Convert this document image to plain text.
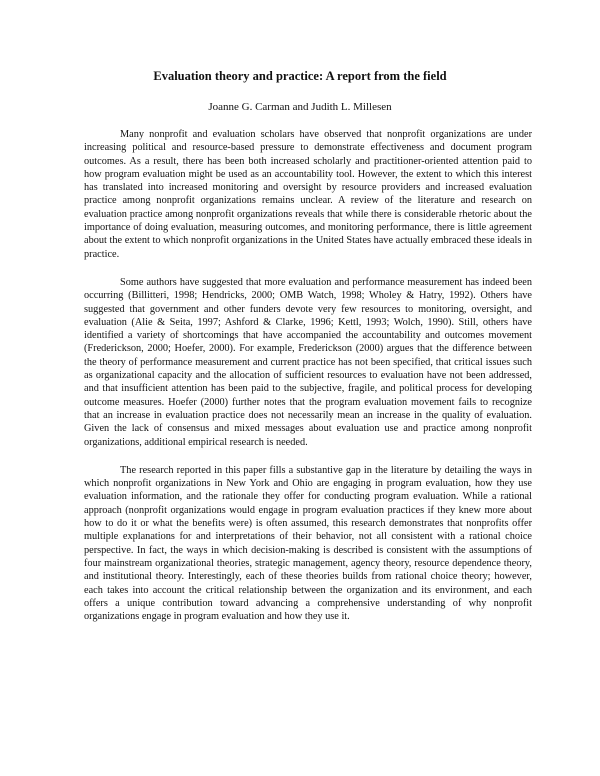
Evaluation theory and practice: A report from the field

Joanne G. Carman and Judith L. Millesen

Many nonprofit and evaluation scholars have observed that nonprofit organizations are under increasing political and resource-based pressure to demonstrate effectiveness and document program outcomes. As a result, there has been both increased scholarly and practitioner-oriented attention paid to how program evaluation might be used as an accountability tool. However, the extent to which this interest has translated into increased monitoring and oversight by resource providers and increased evaluation practice among nonprofit organizations remains unclear. A review of the literature and research on evaluation practice among nonprofit organizations reveals that while there is considerable rhetoric about the importance of doing evaluation, measuring outcomes, and monitoring performance, there is little agreement about the extent to which nonprofit organizations in the United States have actually embraced these ideals in practice.

Some authors have suggested that more evaluation and performance measurement has indeed been occurring (Billitteri, 1998; Hendricks, 2000; OMB Watch, 1998; Wholey & Hatry, 1992). Others have suggested that government and other funders devote very few resources to monitoring, oversight, and evaluation (Alie & Seita, 1997; Ashford & Clarke, 1996; Kettl, 1993; Wolch, 1990). Still, others have identified a variety of shortcomings that have accompanied the accountability and outcomes movement (Frederickson, 2000; Hoefer, 2000). For example, Frederickson (2000) argues that the difference between the theory of performance measurement and current practice has not been specified, that critical issues such as organizational capacity and the allocation of sufficient resources to evaluation have not been addressed, and that insufficient attention has been paid to the subjective, fragile, and political process for developing outcome measures. Hoefer (2000) further notes that the program evaluation movement fails to recognize that an increase in evaluation practice does not necessarily mean an increase in the quality of evaluation. Given the lack of consensus and mixed messages about evaluation use and practice among nonprofit organizations, additional empirical research is needed.

The research reported in this paper fills a substantive gap in the literature by detailing the ways in which nonprofit organizations in New York and Ohio are engaging in program evaluation, how they use evaluation information, and the rationale they offer for conducting program evaluation. While a rational approach (nonprofit organizations would engage in program evaluation practices if they knew more about how to do it or what the benefits were) is often assumed, this research demonstrates that nonprofits offer multiple explanations for and interpretations of their behavior, not all consistent with a rational choice perspective. In fact, the ways in which decision-making is described is consistent with the assumptions of four mainstream organizational theories, strategic management, agency theory, resource dependence theory, and institutional theory. Interestingly, each of these theories builds from rational choice theory; however, each takes into account the critical relationship between the organization and its environment, and each offers a unique contribution toward advancing a comprehensive understanding of why nonprofit organizations engage in program evaluation and how they use it.
